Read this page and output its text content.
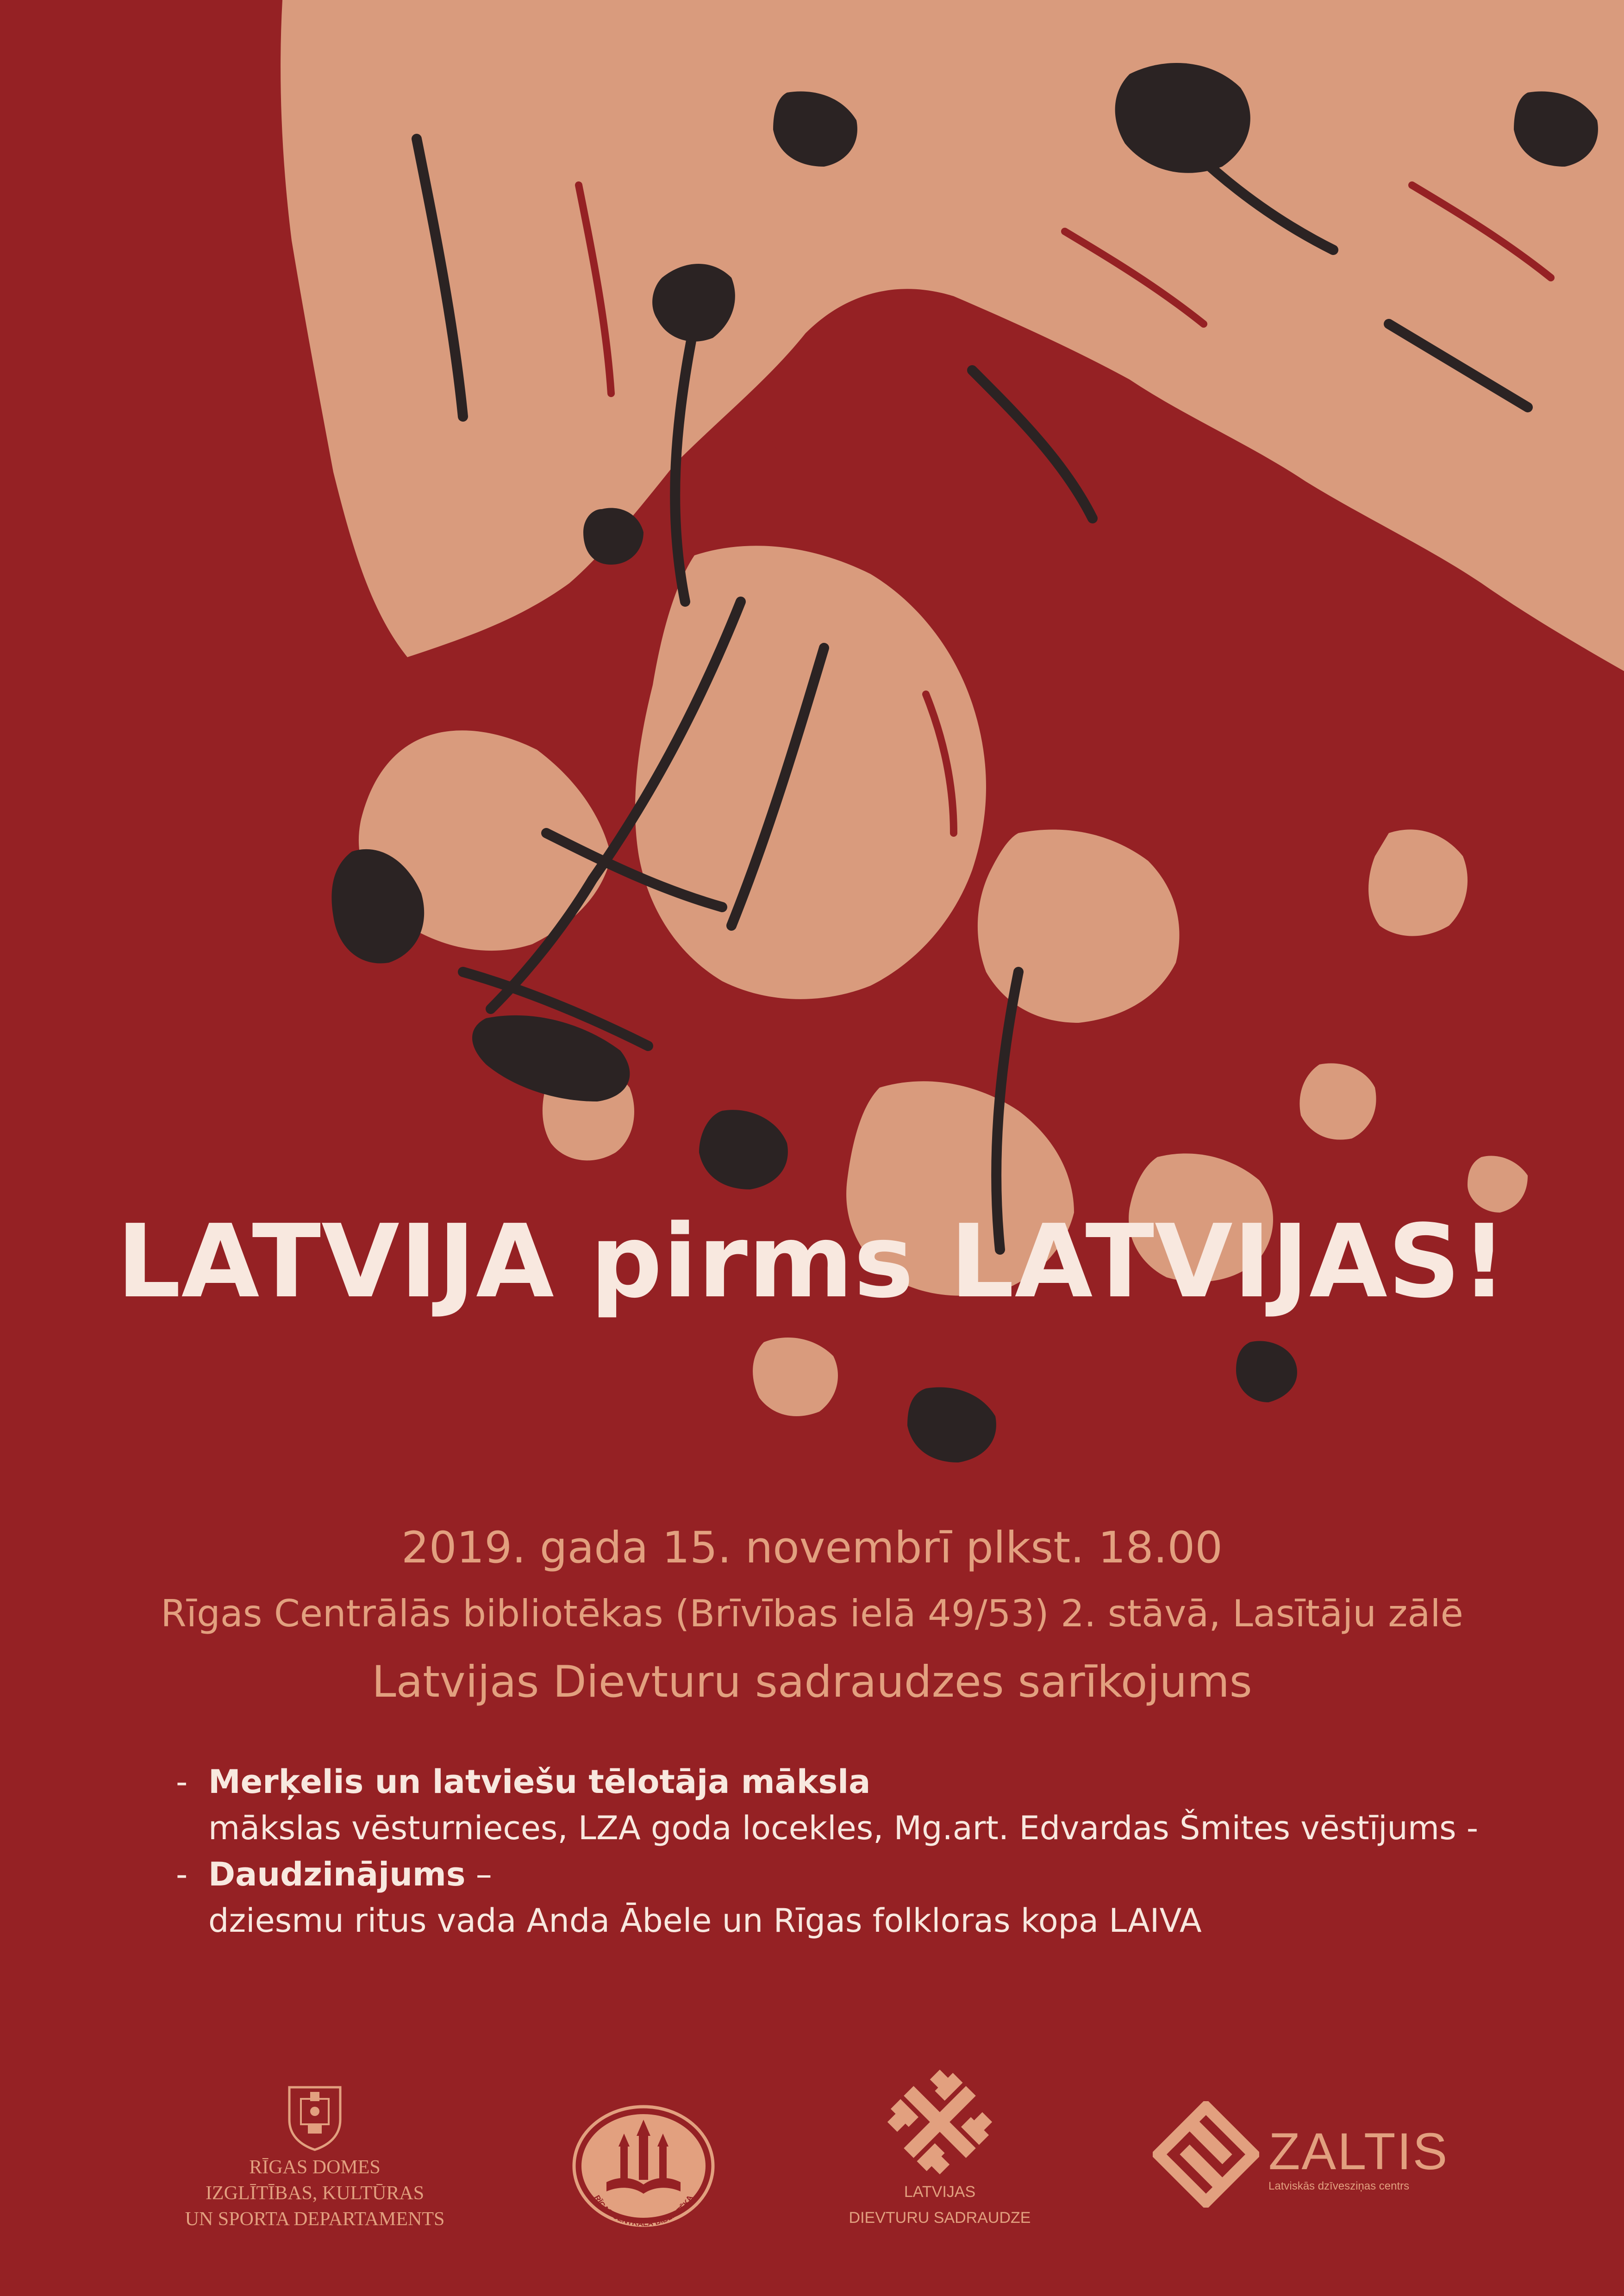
LATVIJA pirms LATVIJAS!
2019. gada 15. novembrī plkst. 18.00
Rīgas Centrālās bibliotēkas (Brīvības ielā 49/53) 2. stāvā, Lasītāju zālē
Latvijas Dievturu sadraudzes sarīkojums
- Merķelis un latviešu tēlotāja māksla
mākslas vēsturnieces, LZA goda locekles, Mg.art. Edvardas Šmites vēstījums -
- Daudzinājums –
dziesmu ritus vada Anda Ābele un Rīgas folkloras kopa LAIVA
RĪGAS DOMES
IZGLĪTĪBAS, KULTŪRAS
UN SPORTA DEPARTAMENTS
RĪGAS CENTRĀLĀ BIBLIOTĒKA	LATVIJAS
DIEVTURU SADRAUDZE
ZALTIS
Latviskās dzīvesziņas centrs
